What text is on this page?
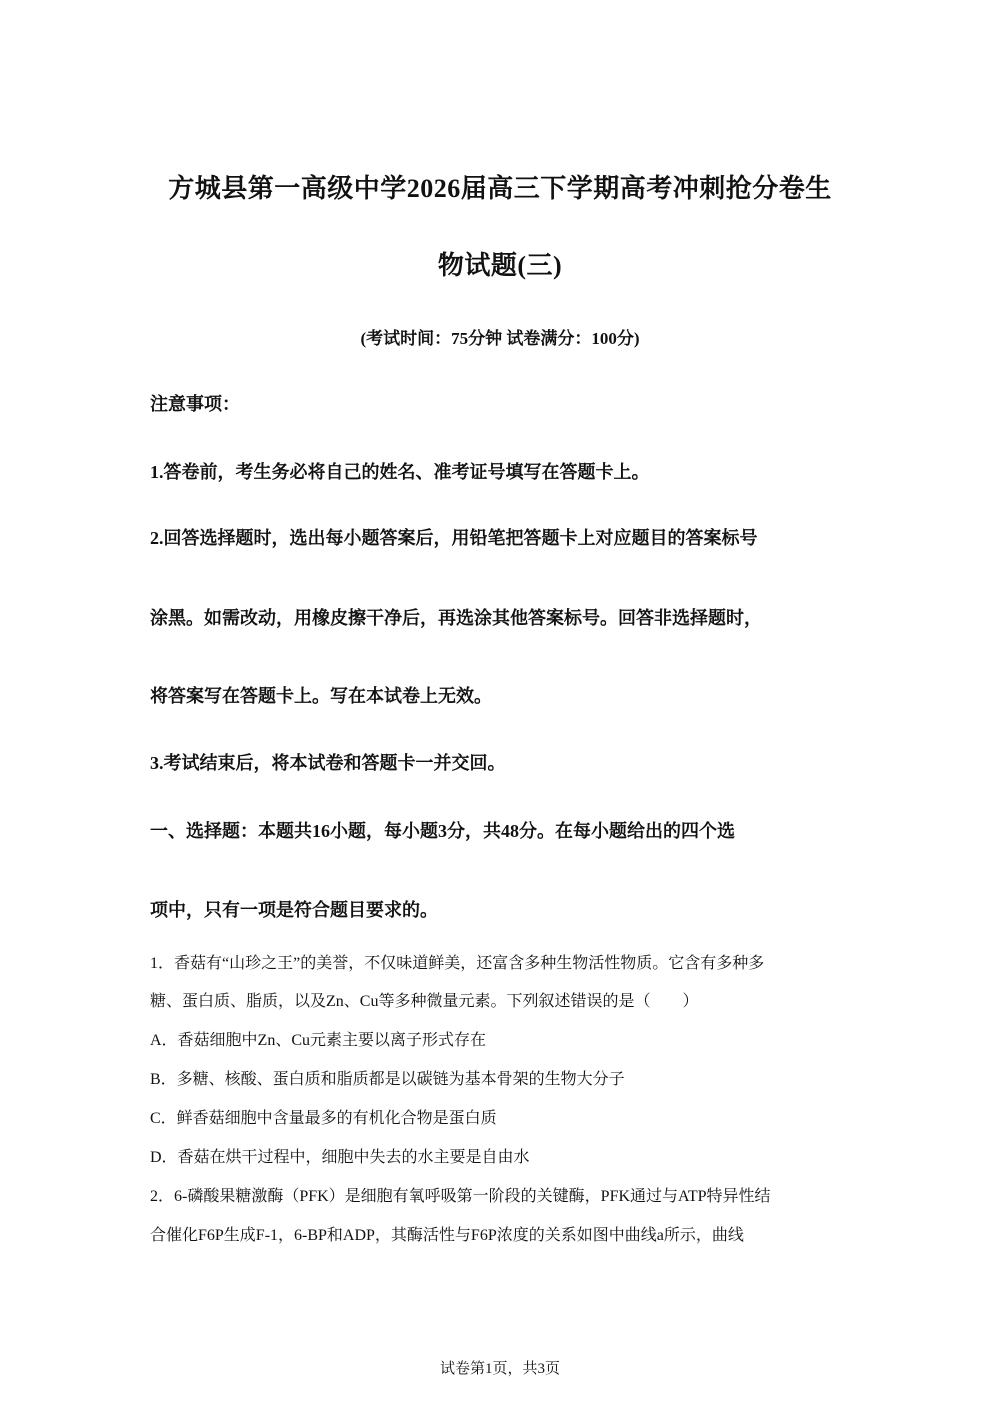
方城县第一高级中学2026届高三下学期高考冲刺抢分卷生
物试题(三)
(考试时间：75分钟 试卷满分：100分)
注意事项：
1.答卷前，考生务必将自己的姓名、准考证号填写在答题卡上。
2.回答选择题时，选出每小题答案后，用铅笔把答题卡上对应题目的答案标号
涂黑。如需改动，用橡皮擦干净后，再选涂其他答案标号。回答非选择题时，
将答案写在答题卡上。写在本试卷上无效。
3.考试结束后，将本试卷和答题卡一并交回。
一、选择题：本题共16小题，每小题3分，共48分。在每小题给出的四个选
项中，只有一项是符合题目要求的。
1．香菇有“山珍之王”的美誉，不仅味道鲜美，还富含多种生物活性物质。它含有多种多
糖、蛋白质、脂质，以及Zn、Cu等多种微量元素。下列叙述错误的是（　　）
A．香菇细胞中Zn、Cu元素主要以离子形式存在
B．多糖、核酸、蛋白质和脂质都是以碳链为基本骨架的生物大分子
C．鲜香菇细胞中含量最多的有机化合物是蛋白质
D．香菇在烘干过程中，细胞中失去的水主要是自由水
2．6-磷酸果糖激酶（PFK）是细胞有氧呼吸第一阶段的关键酶，PFK通过与ATP特异性结
合催化F6P生成F-1，6-BP和ADP，其酶活性与F6P浓度的关系如图中曲线a所示，曲线
试卷第1页，共3页
